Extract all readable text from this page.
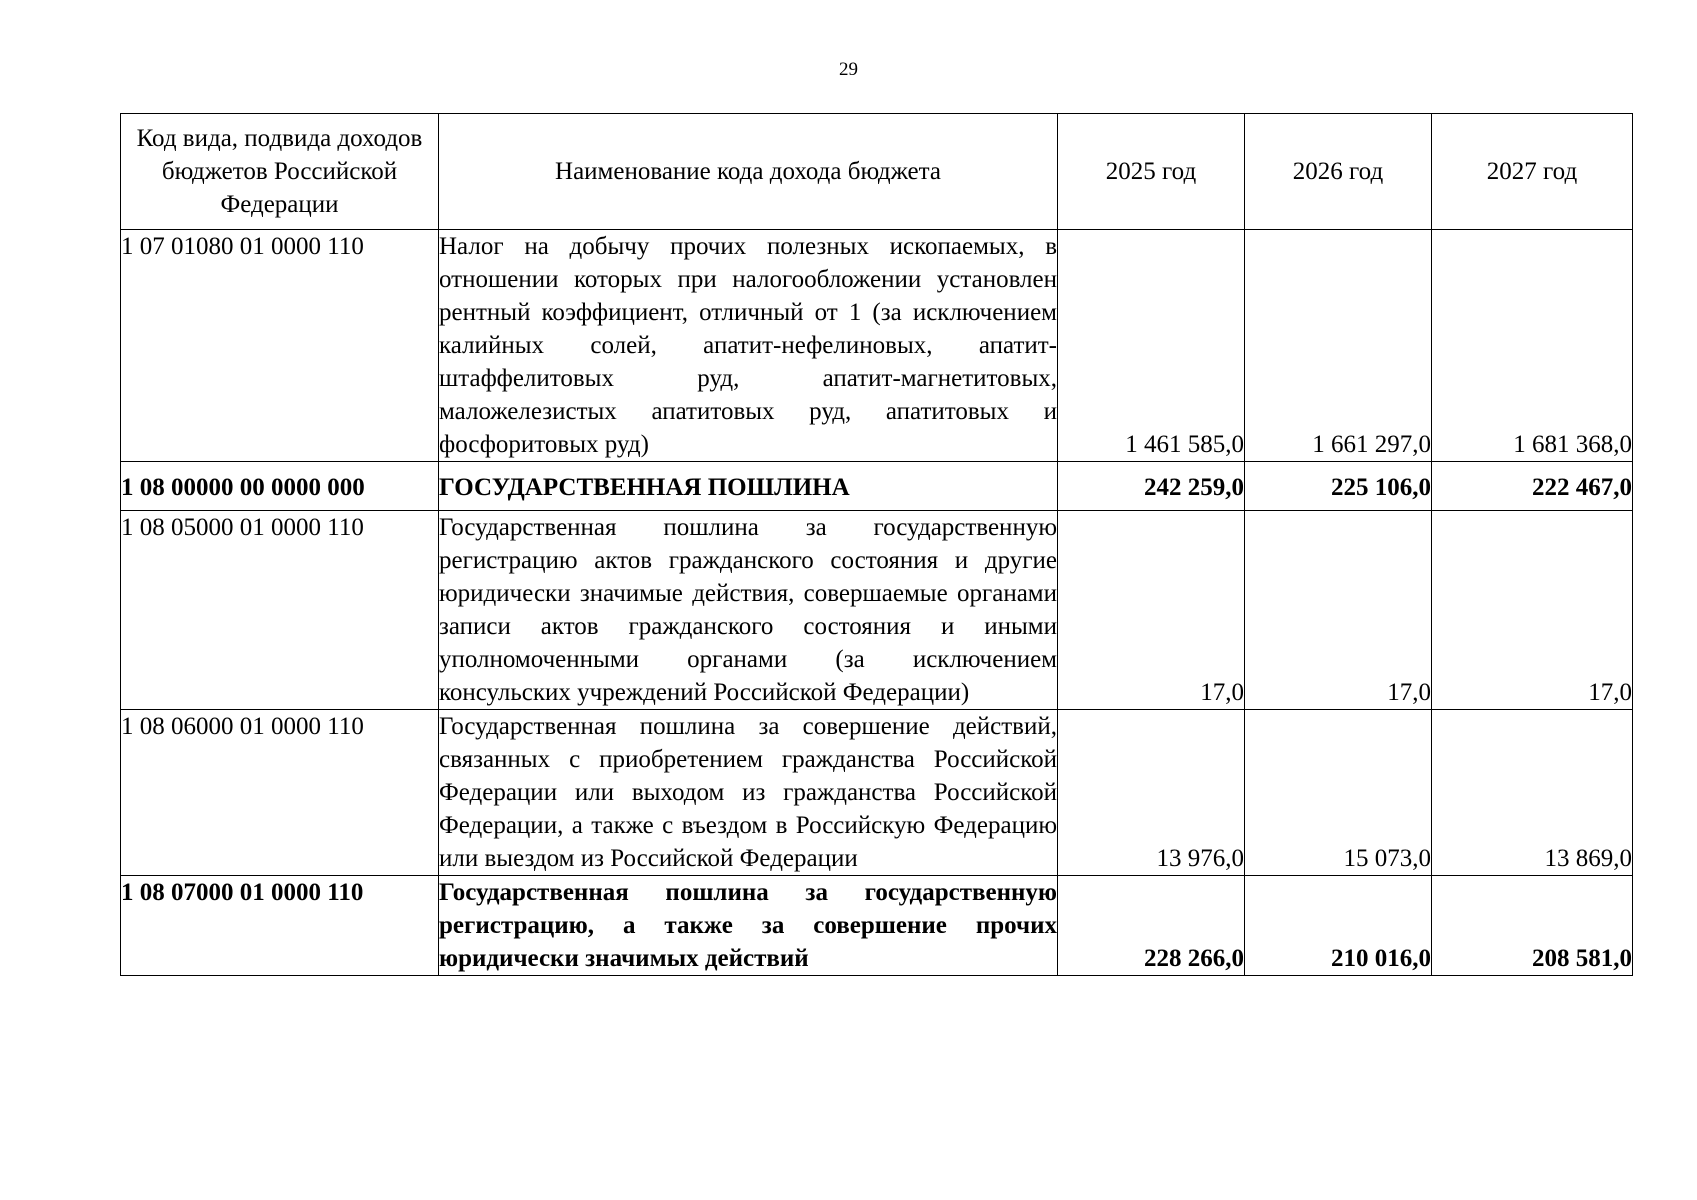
29
Код вида, подвида доходов бюджетов Российской Федерации	Наименование кода дохода бюджета	2025 год	2026 год	2027 год
1 07 01080 01 0000 110	Налог на добычу прочих полезных ископаемых, в отношении которых при налогообложении установлен рентный коэффициент, отличный от 1 (за исключением калийных солей, апатит-нефелиновых, апатит-штаффелитовых руд, апатит-магнетитовых, маложелезистых апатитовых руд, апатитовых и фосфоритовых руд)	1 461 585,0	1 661 297,0	1 681 368,0
1 08 00000 00 0000 000	ГОСУДАРСТВЕННАЯ ПОШЛИНА	242 259,0	225 106,0	222 467,0
1 08 05000 01 0000 110	Государственная пошлина за государственную регистрацию актов гражданского состояния и другие юридически значимые действия, совершаемые органами записи актов гражданского состояния и иными уполномоченными органами (за исключением консульских учреждений Российской Федерации)	17,0	17,0	17,0
1 08 06000 01 0000 110	Государственная пошлина за совершение действий, связанных с приобретением гражданства Российской Федерации или выходом из гражданства Российской Федерации, а также с въездом в Российскую Федерацию или выездом из Российской Федерации	13 976,0	15 073,0	13 869,0
1 08 07000 01 0000 110	Государственная пошлина за государственную регистрацию, а также за совершение прочих юридически значимых действий	228 266,0	210 016,0	208 581,0
